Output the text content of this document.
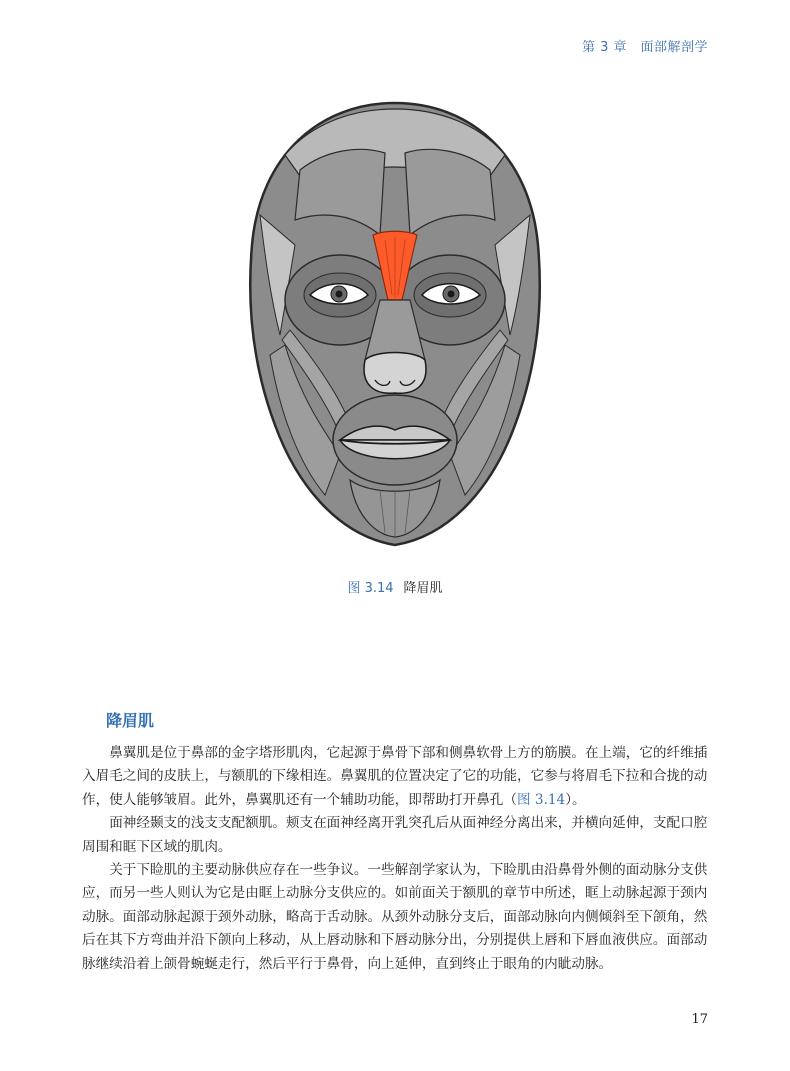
第 3 章　面部解剖学
图 3.14 降眉肌
降眉肌

鼻翼肌是位于鼻部的金字塔形肌肉，它起源于鼻骨下部和侧鼻软骨上方的筋膜。在上端，它的纤维插入眉毛之间的皮肤上，与额肌的下缘相连。鼻翼肌的位置决定了它的功能，它参与将眉毛下拉和合拢的动作，使人能够皱眉。此外，鼻翼肌还有一个辅助功能，即帮助打开鼻孔（图 3.14）。

面神经颞支的浅支支配额肌。颊支在面神经离开乳突孔后从面神经分离出来，并横向延伸，支配口腔周围和眶下区域的肌肉。

关于下睑肌的主要动脉供应存在一些争议。一些解剖学家认为，下睑肌由沿鼻骨外侧的面动脉分支供应，而另一些人则认为它是由眶上动脉分支供应的。如前面关于额肌的章节中所述，眶上动脉起源于颈内动脉。面部动脉起源于颈外动脉，略高于舌动脉。从颈外动脉分支后，面部动脉向内侧倾斜至下颌角，然后在其下方弯曲并沿下颌向上移动，从上唇动脉和下唇动脉分出，分别提供上唇和下唇血液供应。面部动脉继续沿着上颌骨蜿蜒走行，然后平行于鼻骨，向上延伸，直到终止于眼角的内眦动脉。

17
